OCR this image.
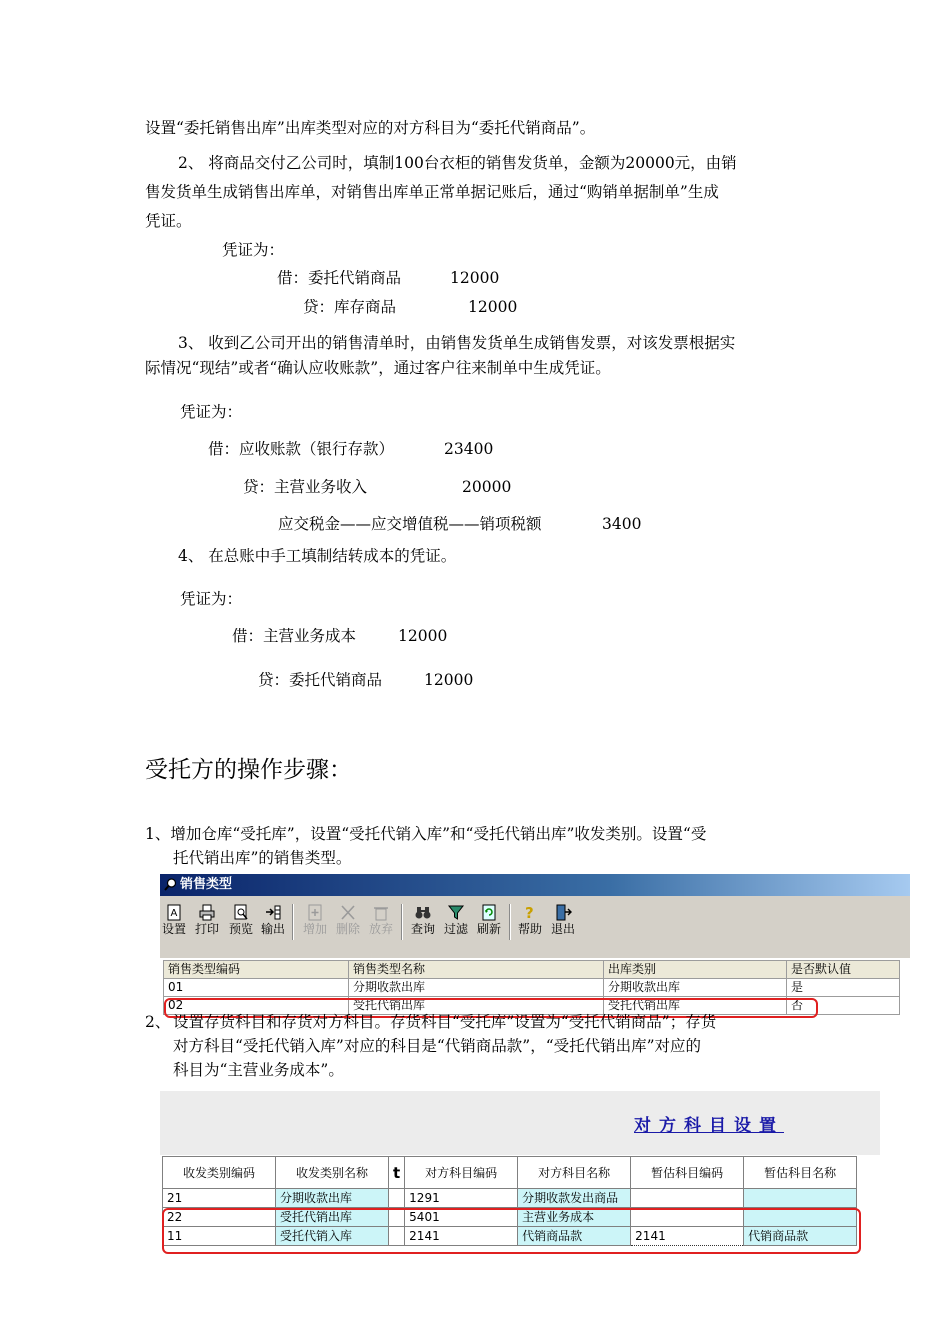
设置“委托销售出库”出库类型对应的对方科目为“委托代销商品”。
2、 将商品交付乙公司时，填制100台衣柜的销售发货单，金额为20000元，由销
售发货单生成销售出库单，对销售出库单正常单据记账后，通过“购销单据制单”生成
凭证。
凭证为：
借：委托代销商品	12000
贷：库存商品	12000
3、 收到乙公司开出的销售清单时，由销售发货单生成销售发票，对该发票根据实
际情况“现结”或者“确认应收账款”，通过客户往来制单中生成凭证。
凭证为：
借：应收账款（银行存款）	23400
贷：主营业务收入	20000
应交税金——应交增值税——销项税额	3400
4、 在总账中手工填制结转成本的凭证。
凭证为：
借：主营业务成本	12000
贷：委托代销商品	12000
受托方的操作步骤：
1、增加仓库“受托库”，设置“受托代销入库”和“受托代销出库”收发类别。设置“受
托代销出库”的销售类型。
销售类型
A
设置 打印 预览 输出 增加 删除 放弃 查询 过滤 刷新
?
帮助 退出
销售类型编码	销售类型名称	出库类别	是否默认值
01	分期收款出库	分期收款出库	是
02	受托代销出库	受托代销出库	否
2、 设置存货科目和存货对方科目。存货科目“受托库”设置为“受托代销商品”；存货
对方科目“受托代销入库”对应的科目是“代销商品款”，“受托代销出库”对应的
科目为“主营业务成本”。
对方科目设置
收发类别编码	收发类别名称	t	对方科目编码	对方科目名称	暂估科目编码	暂估科目名称
21	分期收款出库		1291	分期收款发出商品		
22	受托代销出库		5401	主营业务成本		
11	受托代销入库		2141	代销商品款	2141	代销商品款
